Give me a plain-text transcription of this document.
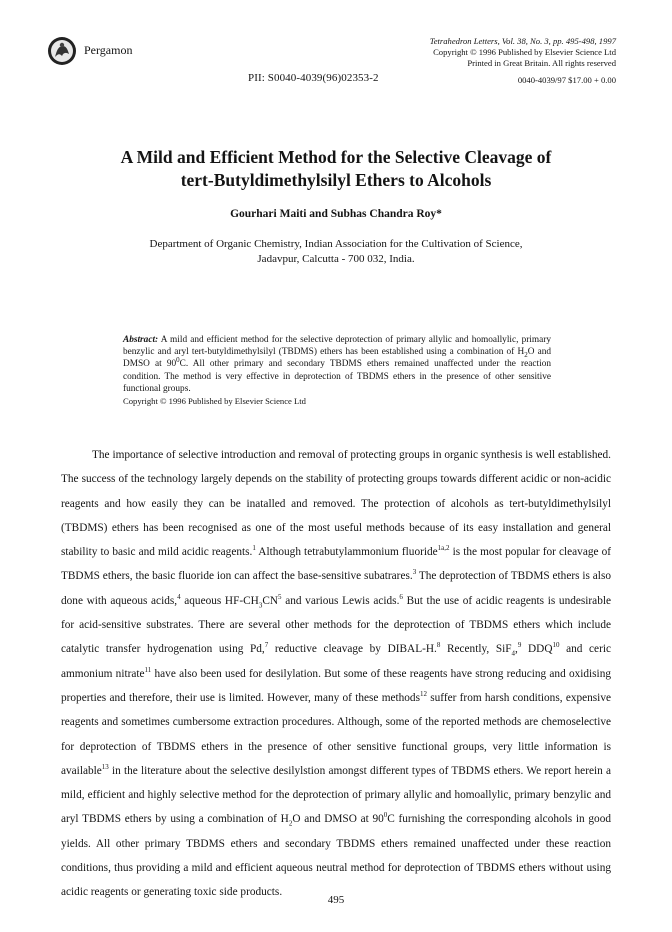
Pergamon
Tetrahedron Letters, Vol. 38, No. 3, pp. 495-498, 1997
Copyright © 1996 Published by Elsevier Science Ltd
Printed in Great Britain. All rights reserved
0040-4039/97 $17.00 + 0.00
PII: S0040-4039(96)02353-2
A Mild and Efficient Method for the Selective Cleavage of
tert-Butyldimethylsilyl Ethers to Alcohols
Gourhari Maiti and Subhas Chandra Roy*
Department of Organic Chemistry, Indian Association for the Cultivation of Science,
Jadavpur, Calcutta - 700 032, India.
Abstract: A mild and efficient method for the selective deprotection of primary allylic and homoallylic, primary benzylic and aryl tert-butyldimethylsilyl (TBDMS) ethers has been established using a combination of $H_2O$ and DMSO at $90^0C$. All other primary and secondary TBDMS ethers remained unaffected under the reaction condition. The method is very effective in deprotection of TBDMS ethers in the presence of other sensitive functional groups.
Copyright © 1996 Published by Elsevier Science Ltd

The importance of selective introduction and removal of protecting groups in organic synthesis is well established. The success of the technology largely depends on the stability of protecting groups towards different acidic or non-acidic reagents and how easily they can be inatalled and removed. The protection of alcohols as tert-butyldimethylsilyl (TBDMS) ethers has been recognised as one of the most useful methods because of its easy installation and general stability to basic and mild acidic reagents.$^1$ Although tetrabutylammonium fluoride$^{1a,2}$ is the most popular for cleavage of TBDMS ethers, the basic fluoride ion can affect the base-sensitive subatrares.$^3$ The deprotection of TBDMS ethers is also done with aqueous acids,$^4$ aqueous $HF-CH_3CN^5$ and various Lewis acids.$^6$ But the use of acidic reagents is undesirable for acid-sensitive substrates. There are several other methods for the deprotection of TBDMS ethers which include catalytic transfer hydrogenation using Pd,$^7$ reductive cleavage by DIBAL-H.$^8$ Recently, SiF$_4$,$^9$ DDQ$^{10}$ and ceric ammonium nitrate$^{11}$ have also been used for desilylation. But some of these reagents have strong reducing and oxidising properties and therefore, their use is limited. However, many of these methods$^{12}$ suffer from harsh conditions, expensive reagents and sometimes cumbersome extraction procedures. Although, some of the reported methods are chemoselective for deprotection of TBDMS ethers in the presence of other sensitive functional groups, very little information is available$^{13}$ in the literature about the selective desilylstion amongst different types of TBDMS ethers. We report herein a mild, efficient and highly selective method for the deprotection of primary allylic and homoallylic, primary benzylic and aryl TBDMS ethers by using a combination of $H_2O$ and DMSO at $90^0C$ furnishing the corresponding alcohols in good yields. All other primary TBDMS ethers and secondary TBDMS ethers remained unaffected under these reaction conditions, thus providing a mild and efficient aqueous neutral method for deprotection of TBDMS ethers without using acidic reagents or generating toxic side products.

495
